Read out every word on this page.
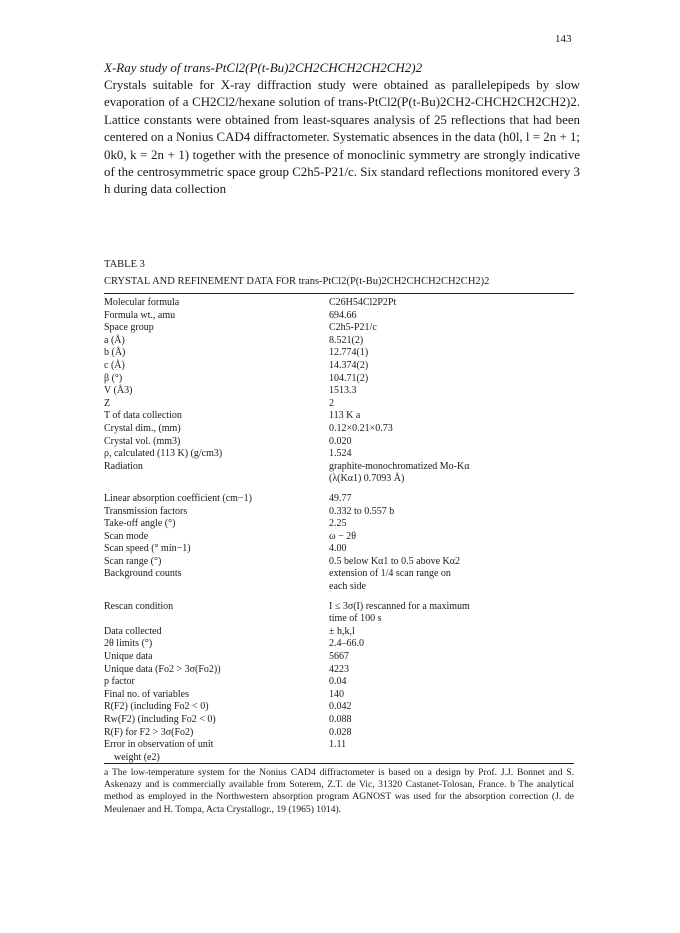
143
X-Ray study of trans-PtCl2(P(t-Bu)2CH2CHCH2CH2CH2)2
Crystals suitable for X-ray diffraction study were obtained as parallelepipeds by slow evaporation of a CH2Cl2/hexane solution of trans-PtCl2(P(t-Bu)2CH2-CHCH2CH2CH2)2. Lattice constants were obtained from least-squares analysis of 25 reflections that had been centered on a Nonius CAD4 diffractometer. Systematic absences in the data (h0l, l = 2n + 1; 0k0, k = 2n + 1) together with the presence of monoclinic symmetry are strongly indicative of the centrosymmetric space group C2h5-P21/c. Six standard reflections monitored every 3 h during data collection
TABLE 3
CRYSTAL AND REFINEMENT DATA FOR trans-PtCl2(P(t-Bu)2CH2CHCH2CH2CH2)2
Molecular formula	C26H54Cl2P2Pt
Formula wt., amu	694.66
Space group	C2h5-P21/c
a (Å)	8.521(2)
b (Å)	12.774(1)
c (Å)	14.374(2)
β (°)	104.71(2)
V (Å3)	1513.3
Z	2
T of data collection	113 K a
Crystal dim., (mm)	0.12×0.21×0.73
Crystal vol. (mm3)	0.020
ρ, calculated (113 K) (g/cm3)	1.524
Radiation	graphite-monochromatized Mo-Kα
(λ(Kα1) 0.7093 Å)
Linear absorption coefficient (cm−1)	49.77
Transmission factors	0.332 to 0.557 b
Take-off angle (°)	2.25
Scan mode	ω − 2θ
Scan speed (° min−1)	4.00
Scan range (°)	0.5 below Kα1 to 0.5 above Kα2
Background counts	extension of 1/4 scan range on
each side
Rescan condition	I ≤ 3σ(I) rescanned for a maximum
time of 100 s
Data collected	± h,k,l
2θ limits (°)	2.4–66.0
Unique data	5667
Unique data (Fo2 > 3σ(Fo2))	4223
p factor	0.04
Final no. of variables	140
R(F2) (including Fo2 < 0)	0.042
Rw(F2) (including Fo2 < 0)	0.088
R(F) for F2 > 3σ(Fo2)	0.028
Error in observation of unit	1.11
weight (e2)
a The low-temperature system for the Nonius CAD4 diffractometer is based on a design by Prof. J.J. Bonnet and S. Askenazy and is commercially available from Soterem, Z.T. de Vic, 31320 Castanet-Tolosan, France. b The analytical method as employed in the Northwestern absorption program AGNOST was used for the absorption correction (J. de Meulenaer and H. Tompa, Acta Crystallogr., 19 (1965) 1014).
